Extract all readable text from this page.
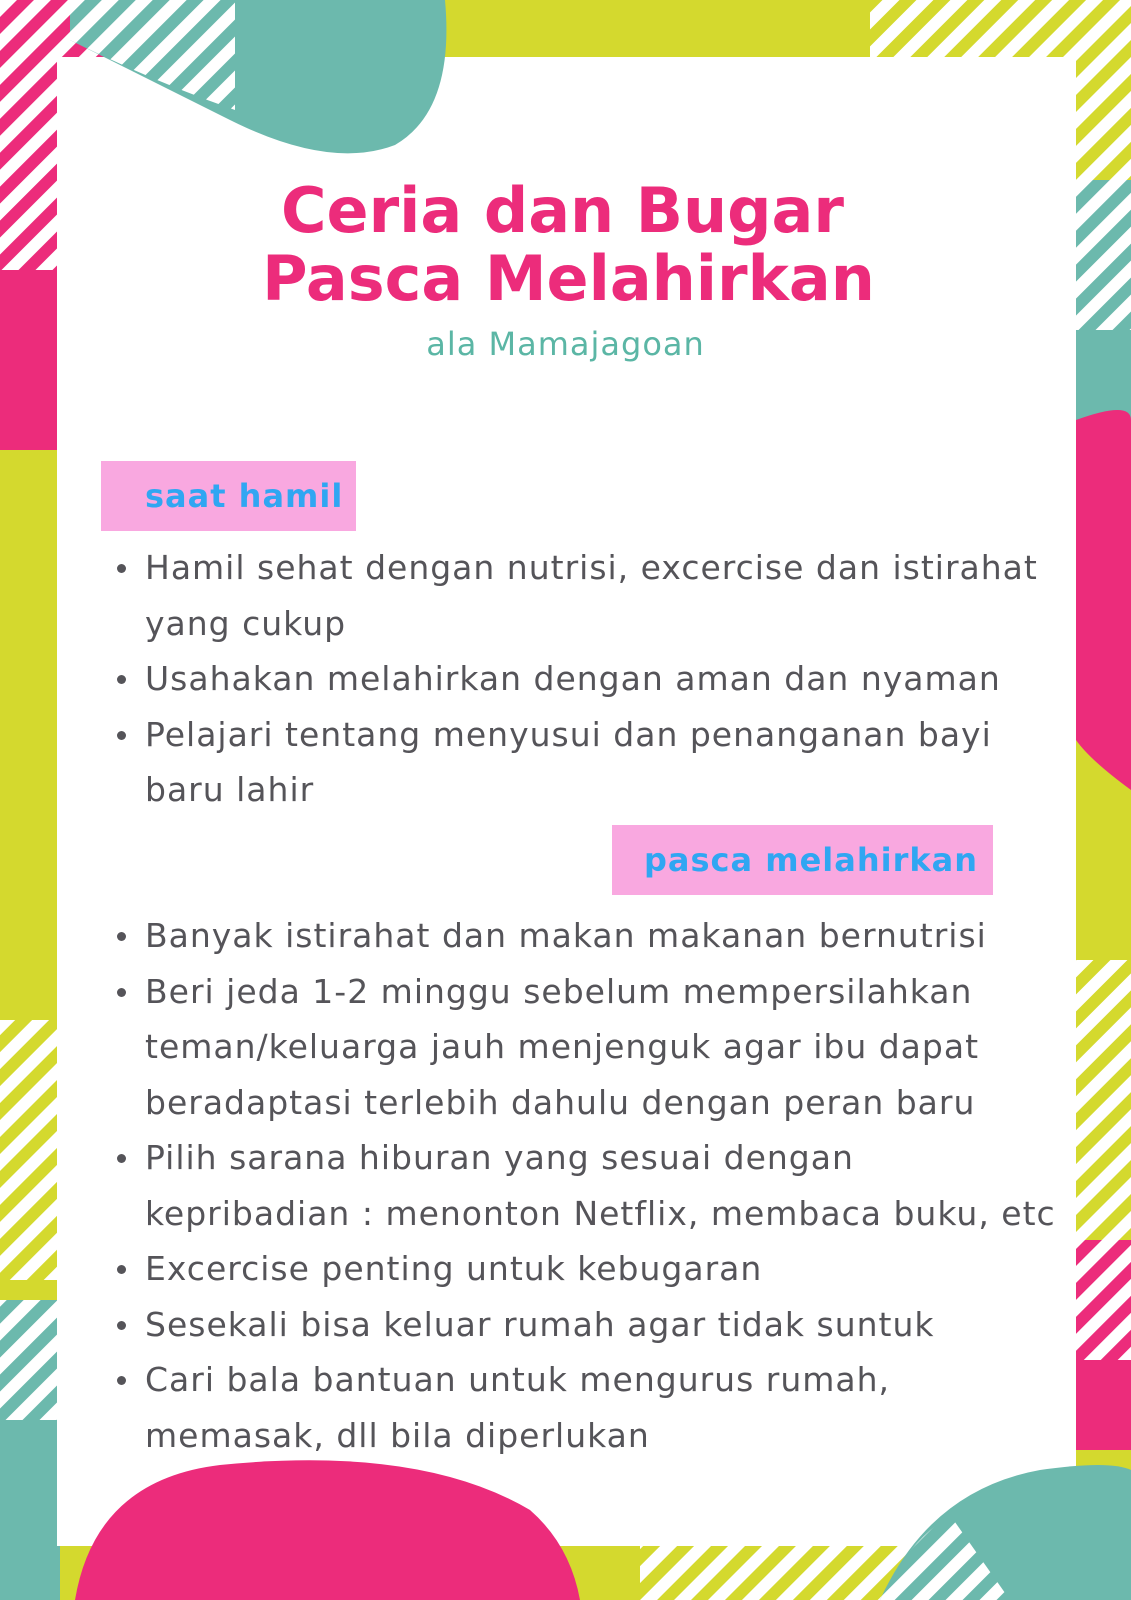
Ceria dan Bugar
Pasca Melahirkan

ala Mamajagoan

saat hamil
Hamil sehat dengan nutrisi, excercise dan istirahat yang cukup
Usahakan melahirkan dengan aman dan nyaman
Pelajari tentang menyusui dan penanganan bayi baru lahir
pasca melahirkan
Banyak istirahat dan makan makanan bernutrisi
Beri jeda 1-2 minggu sebelum mempersilahkan teman/keluarga jauh menjenguk agar ibu dapat beradaptasi terlebih dahulu dengan peran baru
Pilih sarana hiburan yang sesuai dengan kepribadian : menonton Netflix, membaca buku, etc
Excercise penting untuk kebugaran
Sesekali bisa keluar rumah agar tidak suntuk
Cari bala bantuan untuk mengurus rumah, memasak, dll bila diperlukan
